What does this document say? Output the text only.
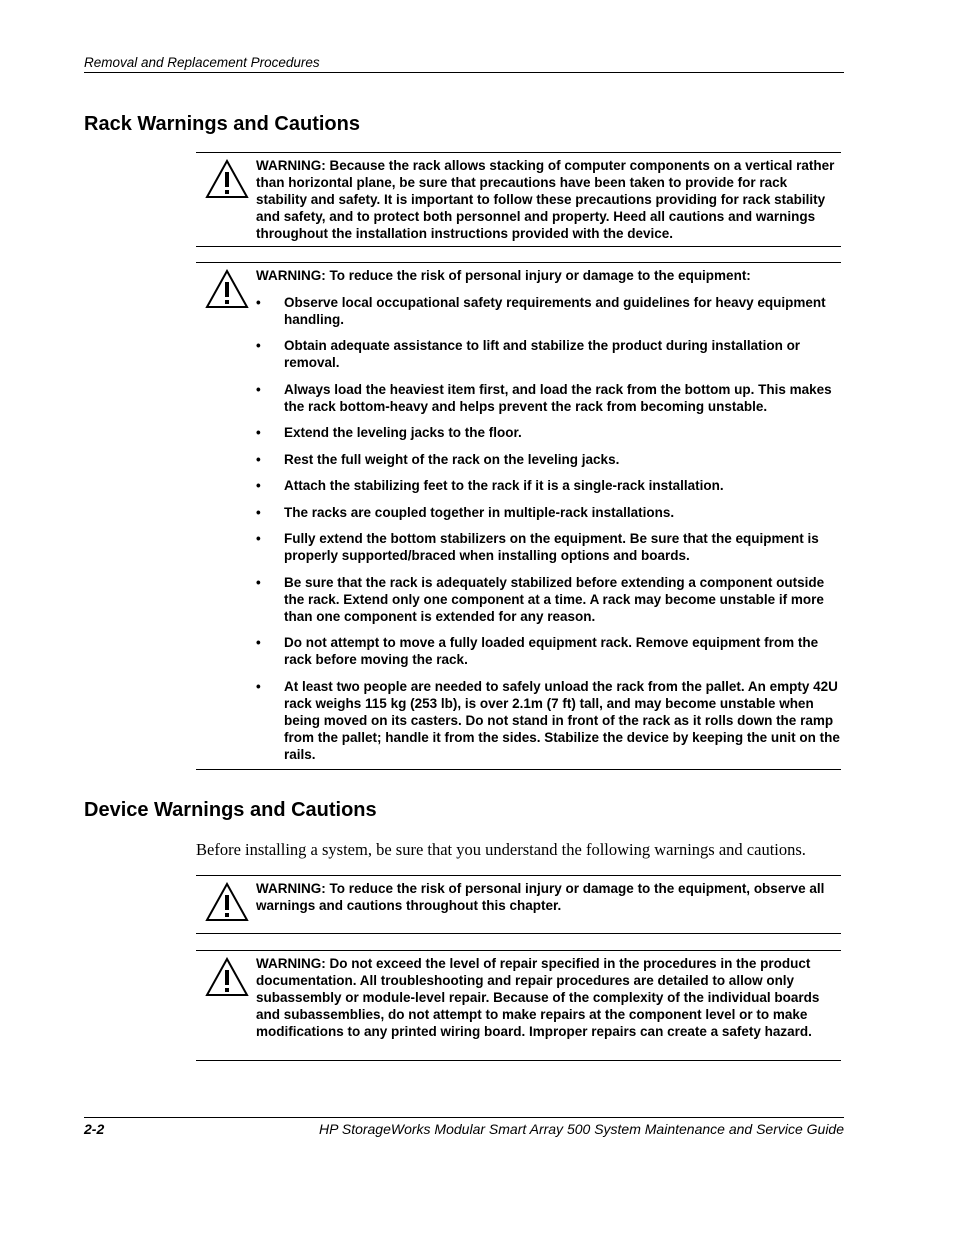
Removal and Replacement Procedures
Rack Warnings and Cautions
WARNING: Because the rack allows stacking of computer components on a vertical rather than horizontal plane, be sure that precautions have been taken to provide for rack stability and safety. It is important to follow these precautions providing for rack stability and safety, and to protect both personnel and property. Heed all cautions and warnings throughout the installation instructions provided with the device.
WARNING: To reduce the risk of personal injury or damage to the equipment:
• Observe local occupational safety requirements and guidelines for heavy equipment handling.
• Obtain adequate assistance to lift and stabilize the product during installation or removal.
• Always load the heaviest item first, and load the rack from the bottom up. This makes the rack bottom-heavy and helps prevent the rack from becoming unstable.
• Extend the leveling jacks to the floor.
• Rest the full weight of the rack on the leveling jacks.
• Attach the stabilizing feet to the rack if it is a single-rack installation.
• The racks are coupled together in multiple-rack installations.
• Fully extend the bottom stabilizers on the equipment. Be sure that the equipment is properly supported/braced when installing options and boards.
• Be sure that the rack is adequately stabilized before extending a component outside the rack. Extend only one component at a time. A rack may become unstable if more than one component is extended for any reason.
• Do not attempt to move a fully loaded equipment rack. Remove equipment from the rack before moving the rack.
• At least two people are needed to safely unload the rack from the pallet. An empty 42U rack weighs 115 kg (253 lb), is over 2.1m (7 ft) tall, and may become unstable when being moved on its casters. Do not stand in front of the rack as it rolls down the ramp from the pallet; handle it from the sides. Stabilize the device by keeping the unit on the rails.
Device Warnings and Cautions
Before installing a system, be sure that you understand the following warnings and cautions.
WARNING: To reduce the risk of personal injury or damage to the equipment, observe all warnings and cautions throughout this chapter.
WARNING: Do not exceed the level of repair specified in the procedures in the product documentation. All troubleshooting and repair procedures are detailed to allow only subassembly or module-level repair. Because of the complexity of the individual boards and subassemblies, do not attempt to make repairs at the component level or to make modifications to any printed wiring board. Improper repairs can create a safety hazard.
2-2	HP StorageWorks Modular Smart Array 500 System Maintenance and Service Guide
